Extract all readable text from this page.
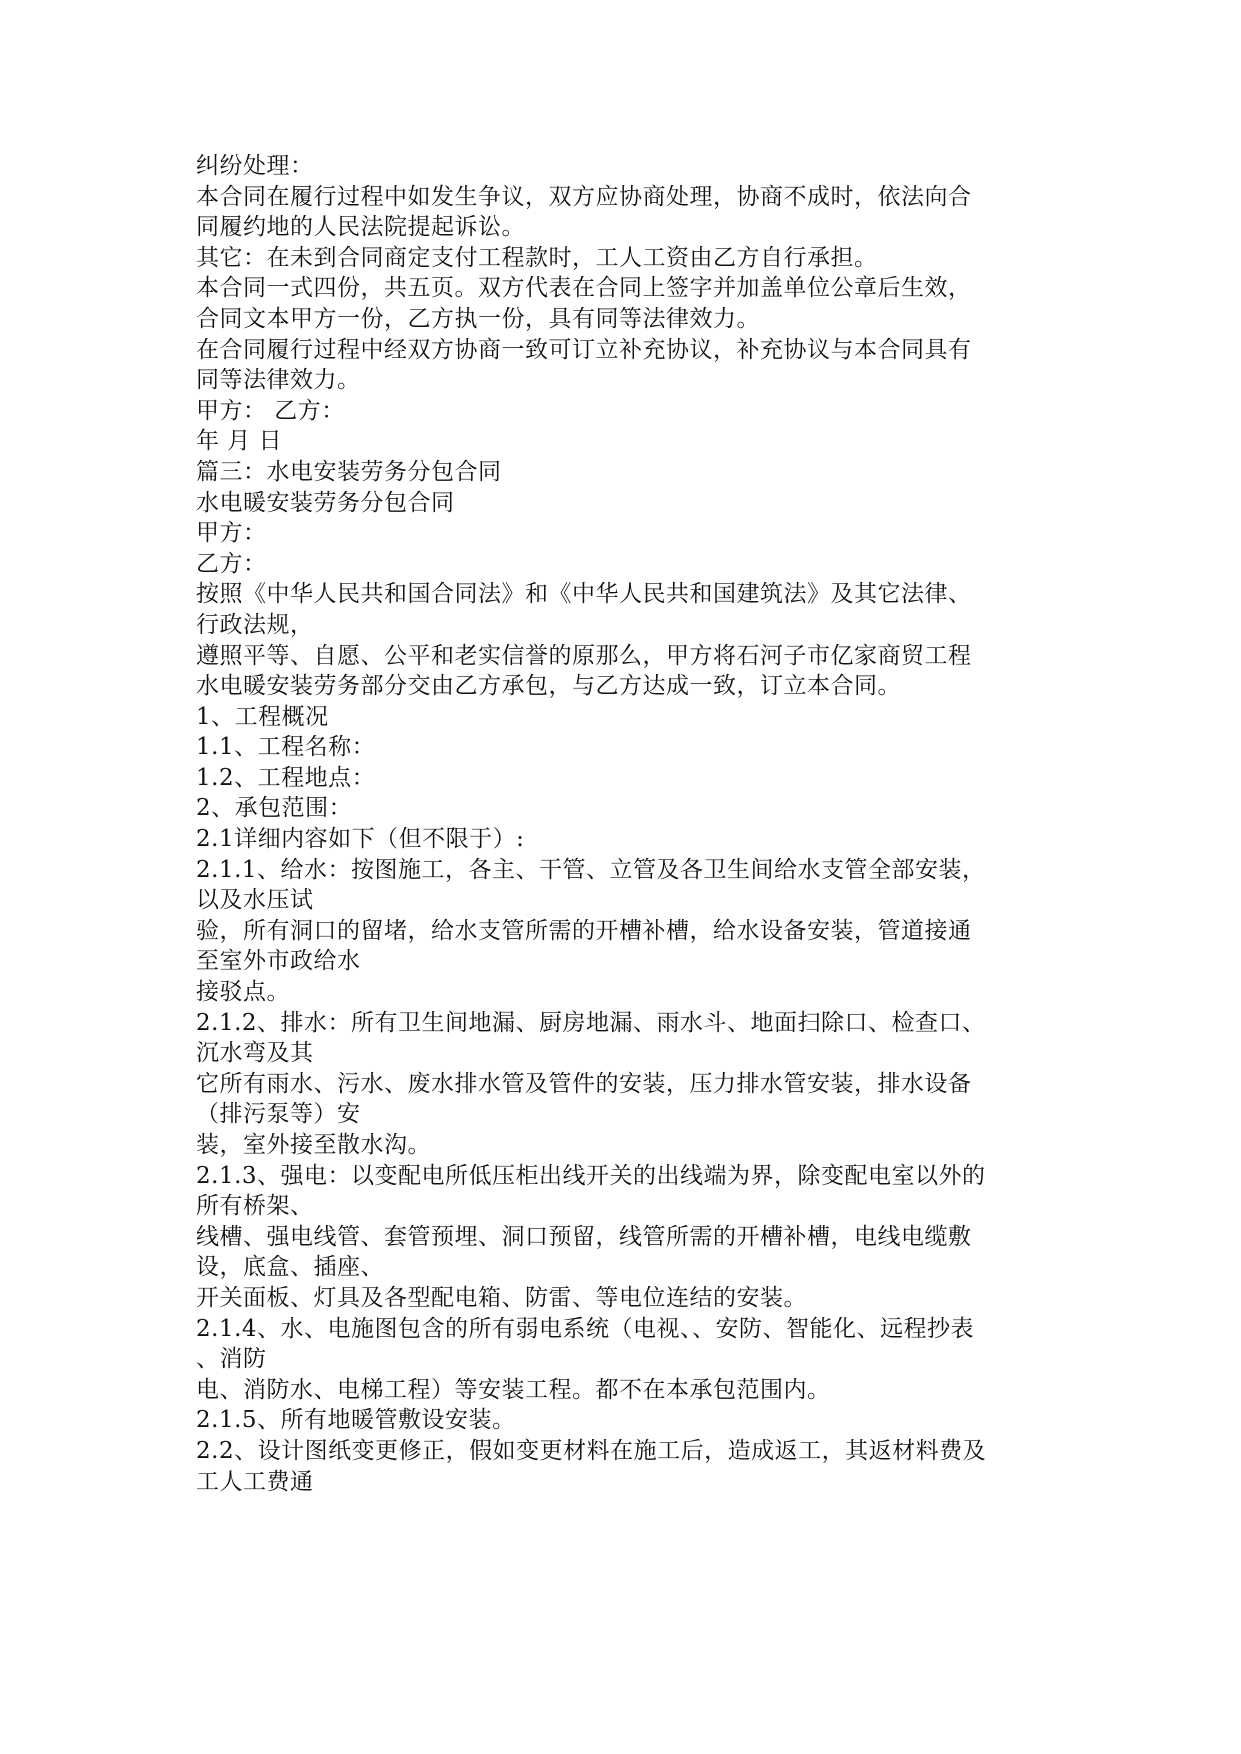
纠纷处理：
本合同在履行过程中如发生争议，双方应协商处理，协商不成时，依法向合
同履约地的人民法院提起诉讼。
其它：在未到合同商定支付工程款时，工人工资由乙方自行承担。
本合同一式四份，共五页。双方代表在合同上签字并加盖单位公章后生效，
合同文本甲方一份，乙方执一份，具有同等法律效力。
在合同履行过程中经双方协商一致可订立补充协议，补充协议与本合同具有
同等法律效力。
甲方： 乙方：
年 月 日
篇三：水电安装劳务分包合同
水电暖安装劳务分包合同
甲方：
乙方：
按照《中华人民共和国合同法》和《中华人民共和国建筑法》及其它法律、
行政法规，
遵照平等、自愿、公平和老实信誉的原那么，甲方将石河子市亿家商贸工程
水电暖安装劳务部分交由乙方承包，与乙方达成一致，订立本合同。
1、工程概况
1.1、工程名称：
1.2、工程地点：
2、承包范围：
2.1详细内容如下（但不限于）:
2.1.1、给水：按图施工，各主、干管、立管及各卫生间给水支管全部安装，
以及水压试
验，所有洞口的留堵，给水支管所需的开槽补槽，给水设备安装，管道接通
至室外市政给水
接驳点。
2.1.2、排水：所有卫生间地漏、厨房地漏、雨水斗、地面扫除口、检查口、
沉水弯及其
它所有雨水、污水、废水排水管及管件的安装，压力排水管安装，排水设备
（排污泵等）安
装，室外接至散水沟。
2.1.3、强电：以变配电所低压柜出线开关的出线端为界，除变配电室以外的
所有桥架、
线槽、强电线管、套管预埋、洞口预留，线管所需的开槽补槽，电线电缆敷
设，底盒、插座、
开关面板、灯具及各型配电箱、防雷、等电位连结的安装。
2.1.4、水、电施图包含的所有弱电系统（电视、、安防、智能化、远程抄表
、消防
电、消防水、电梯工程）等安装工程。都不在本承包范围内。
2.1.5、所有地暖管敷设安装。
2.2、设计图纸变更修正，假如变更材料在施工后，造成返工，其返材料费及
工人工费通
